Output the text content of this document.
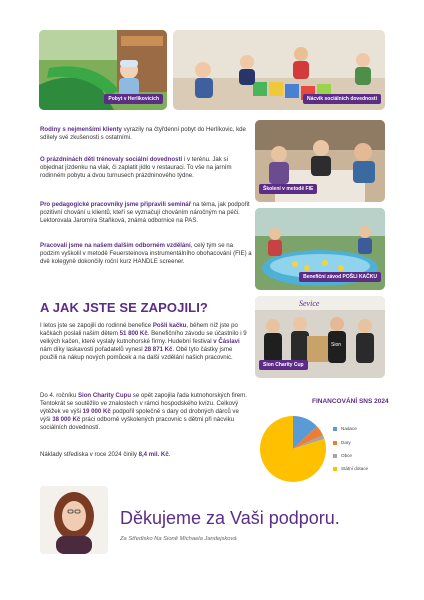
Pobyt v Herlíkovicích	Nácvik sociálních dovedností
Školení v metodě FIE
Benefiční závod POŠLI KAČKU
Sevice
Sion
Sion Charity Cup

Rodiny s nejmenšími klienty vyrazily na čtyřdenní pobyt do Herlíkovic, kde sdílely své zkušenosti s ostatními.

O prázdninách děti trénovaly sociální dovednosti i v terénu. Jak si objednat jízdenku na vlak, či zaplatit jídlo v restauraci. To vše na jarním rodinném pobytu a dvou turnusech prázdninového týdne.

Pro pedagogické pracovníky jsme připravili seminář na téma, jak podpořit pozitivní chování u klientů, kteří se vyznačují chováním náročným na péči. Lektorovala Jaromíra Staňková, známá odbornice na PAS.

Pracovali jsme na našem dalším odborném vzdělání, celý tým se na podzim vyškolil v metodě Feuersteinova instrumentálního obohacování (FIE) a dvě kolegyně dokončily roční kurz HANDLE screener.

A JAK JSTE SE ZAPOJILI?

I letos jste se zapojili do rodinné benefice Pošli kačku, během níž jste po kačkách poslali našim dětem 51 800 Kč. Benefičního závodu se účastnilo i 9 velkých kačen, které vyslaly kutnohorské firmy. Hudební festival v Čáslavi nám díky laskavosti pořadatelů vynesl 28 871 Kč. Obě tyto částky jsme použili na nákup nových pomůcek a na další vzdělání našich pracovnic.

Do 4. ročníku Sion Charity Cupu se opět zapojila řada kutnohorských firem. Tentokrát se soutěžilo ve znalostech v rámci hospodského kvízu. Celkový výtěžek ve výši 19 000 Kč podpořil společně s dary od drobných dárců ve výši 38 000 Kč práci odborně vyškolených pracovnic s dětmi při nácviku sociálních dovedností.

Náklady střediska v roce 2024 činily 8,4 mil. Kč.

FINANCOVÁNÍ SNS 2024
Nadace
Dary
Obce
Státní dotace
Děkujeme za Vaši podporu.
Za Středisko Na Sioně Michaela Jandejsková
